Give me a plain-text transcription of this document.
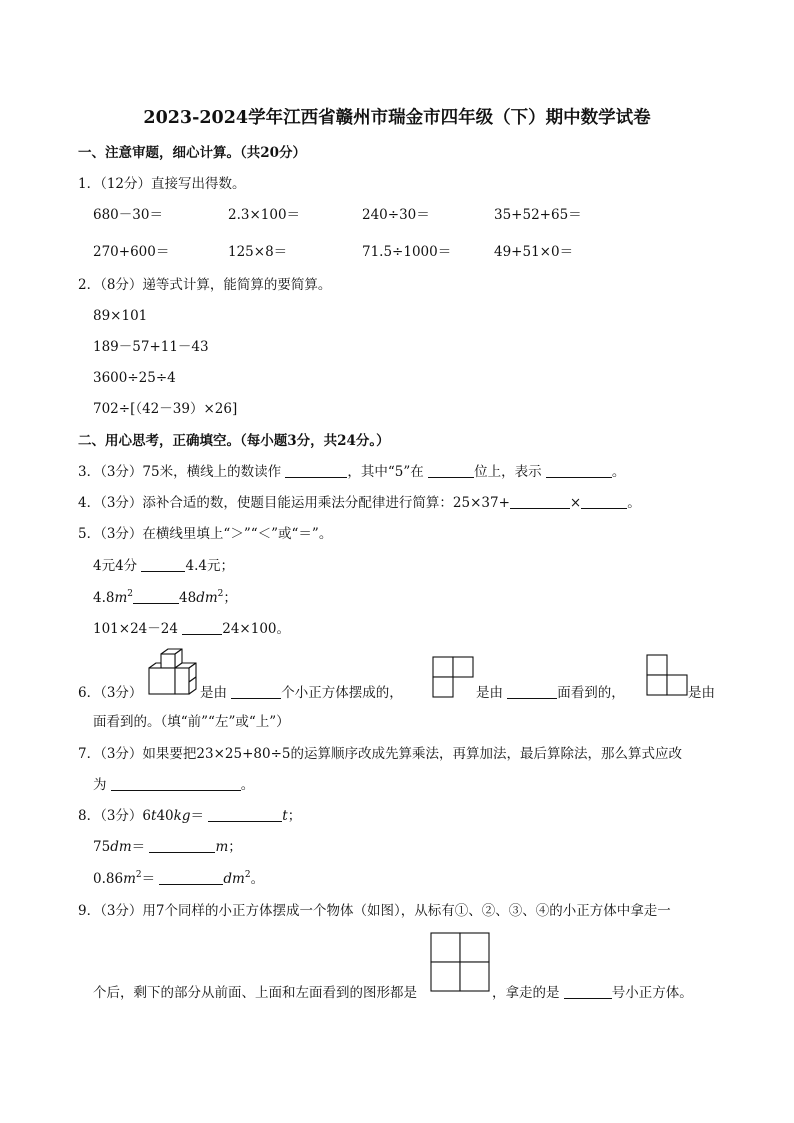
2023-2024学年江西省赣州市瑞金市四年级（下）期中数学试卷
一、注意审题，细心计算。（共20分）
1．（12分）直接写出得数。
680－30＝	2.3×100＝	240÷30＝	35+52+65＝
270+600＝	125×8＝	71.5÷1000＝	49+51×0＝
2．（8分）递等式计算，能简算的要简算。
89×101
189－57+11－43
3600÷25÷4
702÷[（42－39）×26]
二、用心思考，正确填空。（每小题3分，共24分。）
3．（3分）75米，横线上的数读作	，其中“5”在	位上，表示	。
4．（3分）添补合适的数，使题目能运用乘法分配律进行简算：25×37+	×	。
5．（3分）在横线里填上“＞”“＜”或“＝”。
4元4分	4.4元；
$4.8m^2$	$48dm^2$；
101×24－24	24×100。
6．（3分）	是由	个小正方体摆成的，	是由	面看到的，	是由
面看到的。（填“前”“左”或“上”）
7．（3分）如果要把23×25+80÷5的运算顺序改成先算乘法，再算加法，最后算除法，那么算式应改
为	。
8．（3分）6t40kg＝	t；
75dm＝	m；
$0.86m^2=$	$dm^2$。
9．（3分）用7个同样的小正方体摆成一个物体（如图），从标有①、②、③、④的小正方体中拿走一
个后，剩下的部分从前面、上面和左面看到的图形都是	，拿走的是	号小正方体。
